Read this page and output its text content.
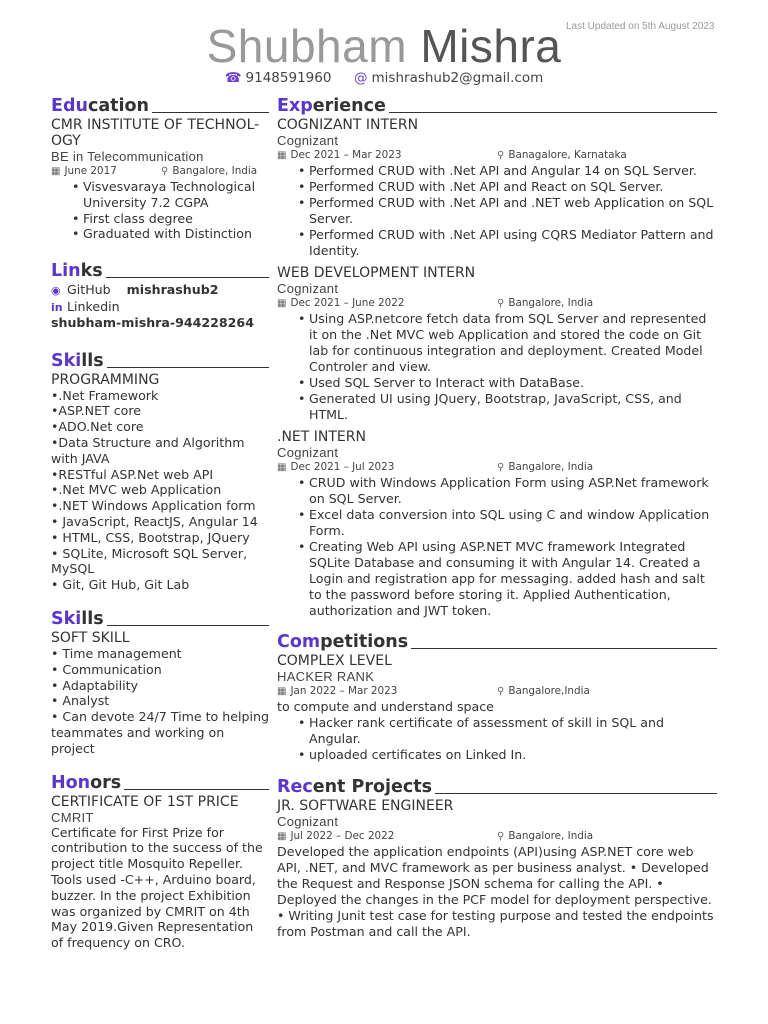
Last Updated on 5th August 2023
Shubham Mishra
☎ 9148591960 @ mishrashub2@gmail.com
Edu cation
CMR INSTITUTE OF TECHNOL-
OGY
BE in Telecommunication
▦ June 2017	⚲ Bangalore, India
• Visvesvaraya Technological University 7.2 CGPA
• First class degree
• Graduated with Distinction
Lin ks
◉ GitHub mishrashub2
in Linkedin
shubham-mishra-944228264
Ski lls
PROGRAMMING
•.Net Framework
•ASP.NET core
•ADO.Net core
•Data Structure and Algorithm with JAVA
•RESTful ASP.Net web API
•.Net MVC web Application
•.NET Windows Application form
• JavaScript, ReactJS, Angular 14
• HTML, CSS, Bootstrap, JQuery
• SQLite, Microsoft SQL Server, MySQL
• Git, Git Hub, Git Lab
Ski lls
SOFT SKILL
• Time management
• Communication
• Adaptability
• Analyst
• Can devote 24/7 Time to helping teammates and working on project
Hon ors
CERTIFICATE OF 1ST PRICE
CMRIT
Certificate for First Prize for contribution to the success of the project title Mosquito Repeller. Tools used -C++, Arduino board, buzzer. In the project Exhibition was organized by CMRIT on 4th May 2019.Given Representation of frequency on CRO.
Exp erience
COGNIZANT INTERN
Cognizant
▦ Dec 2021 – Mar 2023	⚲ Banagalore, Karnataka
• Performed CRUD with .Net API and Angular 14 on SQL Server.
• Performed CRUD with .Net API and React on SQL Server.
• Performed CRUD with .Net API and .NET web Application on SQL Server.
• Performed CRUD with .Net API using CQRS Mediator Pattern and Identity.
WEB DEVELOPMENT INTERN
Cognizant
▦ Dec 2021 – June 2022	⚲ Bangalore, India
• Using ASP.netcore fetch data from SQL Server and represented it on the .Net MVC web Application and stored the code on Git lab for continuous integration and deployment. Created Model Controler and view.
• Used SQL Server to Interact with DataBase.
• Generated UI using JQuery, Bootstrap, JavaScript, CSS, and HTML.
.NET INTERN
Cognizant
▦ Dec 2021 – Jul 2023	⚲ Bangalore, India
• CRUD with Windows Application Form using ASP.Net framework on SQL Server.
• Excel data conversion into SQL using C and window Application Form.
• Creating Web API using ASP.NET MVC framework Integrated SQLite Database and consuming it with Angular 14. Created a Login and registration app for messaging. added hash and salt to the password before storing it. Applied Authentication, authorization and JWT token.
Com petitions
COMPLEX LEVEL
HACKER RANK
▦ Jan 2022 – Mar 2023	⚲ Bangalore,India
to compute and understand space
• Hacker rank certificate of assessment of skill in SQL and Angular.
• uploaded certificates on Linked In.
Rec ent Projects
JR. SOFTWARE ENGINEER
Cognizant
▦ Jul 2022 – Dec 2022	⚲ Bangalore, India
Developed the application endpoints (API)using ASP.NET core web API, .NET, and MVC framework as per business analyst. • Developed the Request and Response JSON schema for calling the API. • Deployed the changes in the PCF model for deployment perspective. • Writing Junit test case for testing purpose and tested the endpoints from Postman and call the API.
